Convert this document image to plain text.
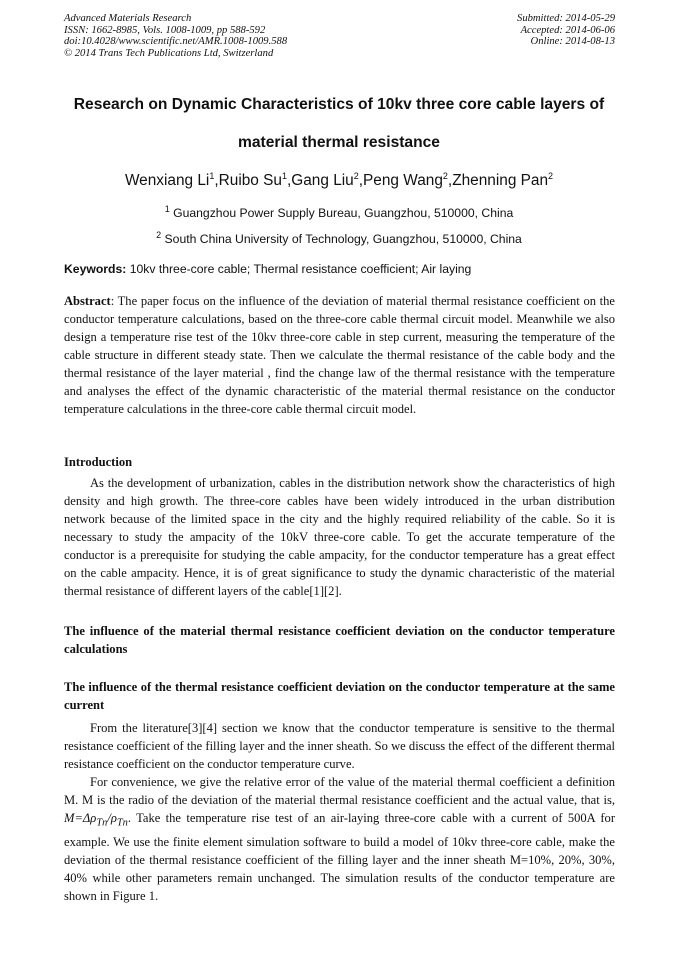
Advanced Materials Research
ISSN: 1662-8985, Vols. 1008-1009, pp 588-592
doi:10.4028/www.scientific.net/AMR.1008-1009.588
© 2014 Trans Tech Publications Ltd, Switzerland
Submitted: 2014-05-29
Accepted: 2014-06-06
Online: 2014-08-13
Research on Dynamic Characteristics of 10kv three core cable layers of
material thermal resistance
Wenxiang Li$^1$,Ruibo Su$^1$,Gang Liu$^2$,Peng Wang$^2$,Zhenning Pan$^2$
$^1$ Guangzhou Power Supply Bureau, Guangzhou, 510000, China
$^2$ South China University of Technology, Guangzhou, 510000, China
Keywords: 10kv three-core cable; Thermal resistance coefficient; Air laying
Abstract: The paper focus on the influence of the deviation of material thermal resistance coefficient on the conductor temperature calculations, based on the three-core cable thermal circuit model. Meanwhile we also design a temperature rise test of the 10kv three-core cable in step current, measuring the temperature of the cable structure in different steady state. Then we calculate the thermal resistance of the cable body and the thermal resistance of the layer material , find the change law of the thermal resistance with the temperature and analyses the effect of the dynamic characteristic of the material thermal resistance on the conductor temperature calculations in the three-core cable thermal circuit model.
Introduction
As the development of urbanization, cables in the distribution network show the characteristics of high density and high growth. The three-core cables have been widely introduced in the urban distribution network because of the limited space in the city and the highly required reliability of the cable. So it is necessary to study the ampacity of the 10kV three-core cable. To get the accurate temperature of the conductor is a prerequisite for studying the cable ampacity, for the conductor temperature has a great effect on the cable ampacity. Hence, it is of great significance to study the dynamic characteristic of the material thermal resistance of different layers of the cable[1][2].
The influence of the material thermal resistance coefficient deviation on the conductor temperature calculations
The influence of the thermal resistance coefficient deviation on the conductor temperature at the same current
From the literature[3][4] section we know that the conductor temperature is sensitive to the thermal resistance coefficient of the filling layer and the inner sheath. So we discuss the effect of the different thermal resistance coefficient on the conductor temperature curve.
For convenience, we give the relative error of the value of the material thermal coefficient a definition M. M is the radio of the deviation of the material thermal resistance coefficient and the actual value, that is, $M=\Delta\rho_{Tn}/\rho_{Tn}$. Take the temperature rise test of an air-laying three-core cable with a current of 500A for example. We use the finite element simulation software to build a model of 10kv three-core cable, make the deviation of the thermal resistance coefficient of the filling layer and the inner sheath M=10%, 20%, 30%, 40% while other parameters remain unchanged. The simulation results of the conductor temperature are shown in Figure 1.
